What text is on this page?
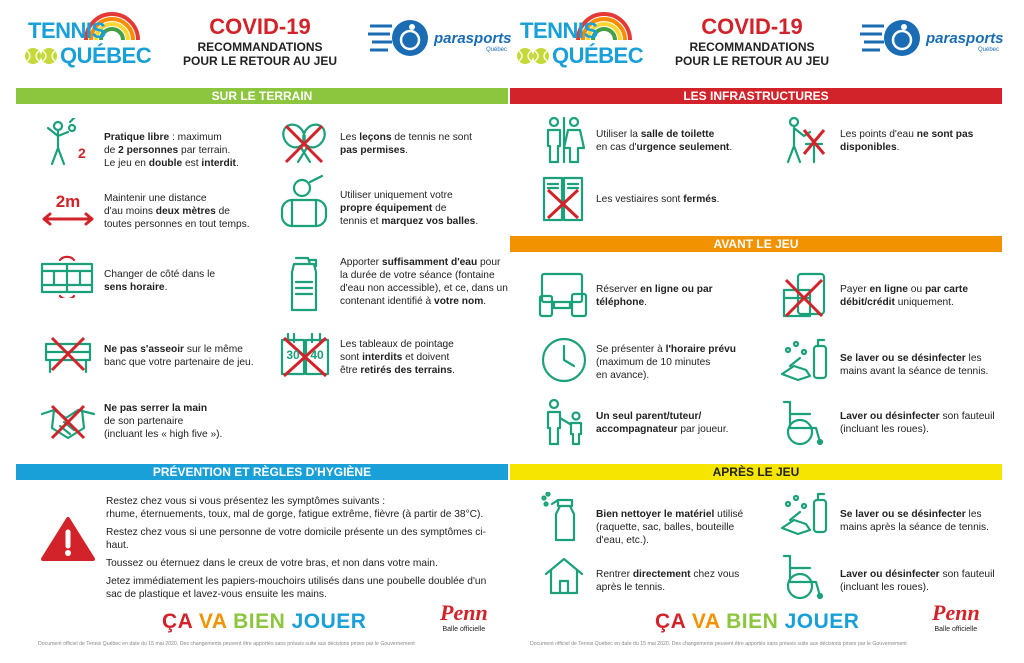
TENNIS
QUÉBEC
COVID-19
RECOMMANDATIONS
POUR LE RETOUR AU JEU
parasports
Québec
TENNIS
QUÉBEC
COVID-19
RECOMMANDATIONS
POUR LE RETOUR AU JEU
parasports
Québec
SUR LE TERRAIN	LES INFRASTRUCTURES
AVANT LE JEU
PRÉVENTION ET RÈGLES D'HYGIÈNE	APRÈS LE JEU
2
Pratique libre : maximum
de 2 personnes par terrain.
Le jeu en double est interdit.
2m	Maintenir une distance
d'au moins deux mètres de
toutes personnes en tout temps.
Changer de côté dans le
sens horaire.
Ne pas s'asseoir sur le même
banc que votre partenaire de jeu.
Ne pas serrer la main
de son partenaire
(incluant les « high five »).
Les leçons de tennis ne sont
pas permises.
Utiliser uniquement votre
propre équipement de
tennis et marquez vos balles.
Apporter suffisamment d'eau pour
la durée de votre séance (fontaine
d'eau non accessible), et ce, dans un
contenant identifié à votre nom.
30 40
Les tableaux de pointage
sont interdits et doivent
être retirés des terrains.
Utiliser la salle de toilette
en cas d'urgence seulement.
Les points d'eau ne sont pas
disponibles.
Les vestiaires sont fermés.
Réserver en ligne ou par
téléphone.
Payer en ligne ou par carte
débit/crédit uniquement.
Se présenter à l'horaire prévu
(maximum de 10 minutes
en avance).
Se laver ou se désinfecter les
mains avant la séance de tennis.
Un seul parent/tuteur/
accompagnateur par joueur.
Laver ou désinfecter son fauteuil
(incluant les roues).
Restez chez vous si vous présentez les symptômes suivants :
rhume, éternuements, toux, mal de gorge, fatigue extrême, fièvre (à partir de 38°C).
Restez chez vous si une personne de votre domicile présente un des symptômes ci-haut.
Toussez ou éternuez dans le creux de votre bras, et non dans votre main.
Jetez immédiatement les papiers-mouchoirs utilisés dans une poubelle doublée d'un
sac de plastique et lavez-vous ensuite les mains.
Bien nettoyer le matériel utilisé
(raquette, sac, balles, bouteille
d'eau, etc.).
Se laver ou se désinfecter les
mains après la séance de tennis.
Rentrer directement chez vous
après le tennis.
Laver ou désinfecter son fauteuil
(incluant les roues).
ÇA VA BIEN JOUER	ÇA VA BIEN JOUER
Penn
Balle officielle
Penn
Balle officielle
Document officiel de Tennis Québec en date du 15 mai 2020. Des changements peuvent être apportés sans préavis suite aux décisions prises par le Gouvernement	Document officiel de Tennis Québec en date du 15 mai 2020. Des changements peuvent être apportés sans préavis suite aux décisions prises par le Gouvernement
